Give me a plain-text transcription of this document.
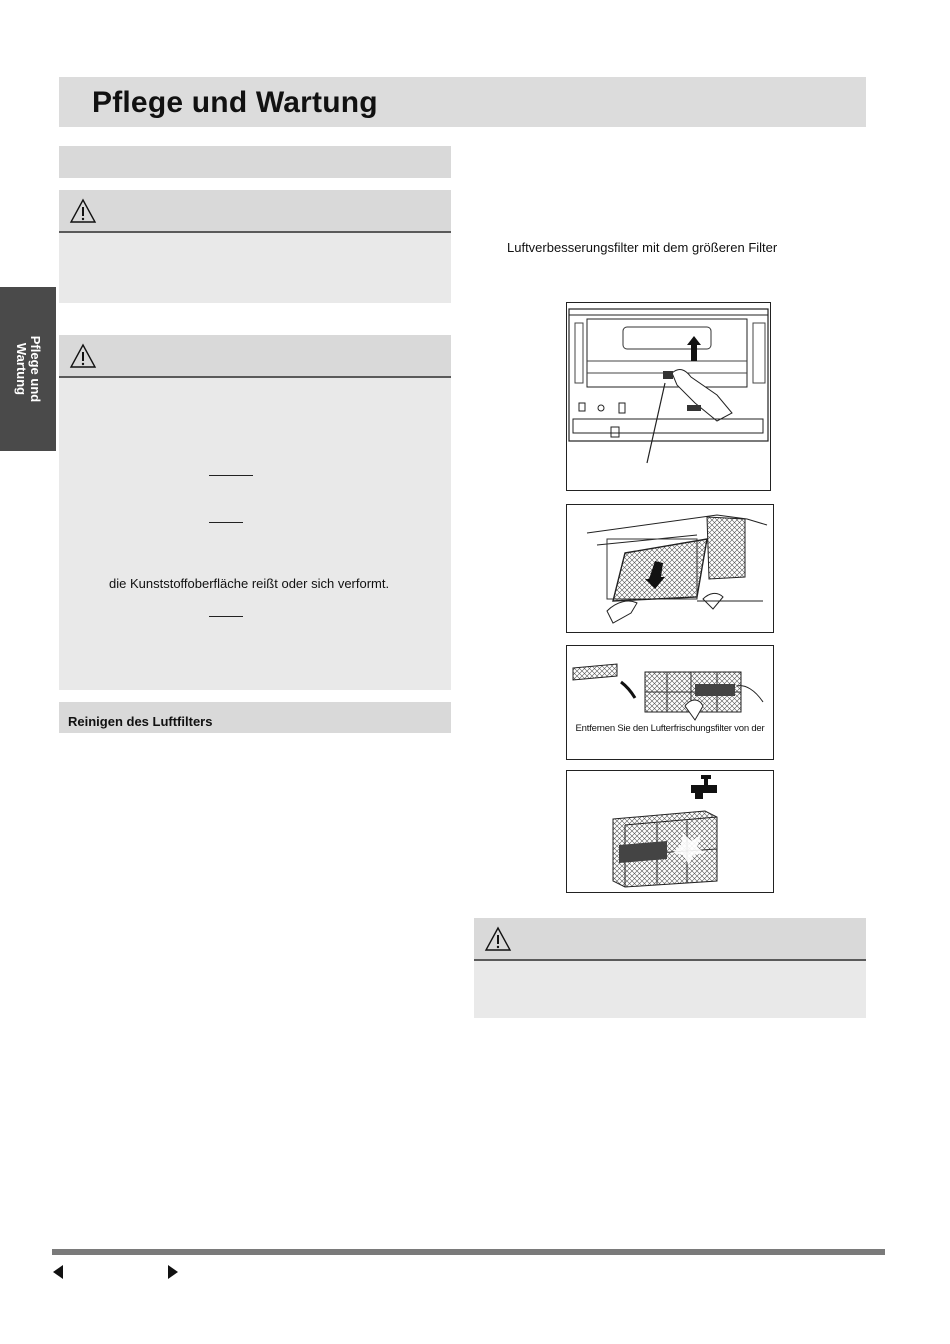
Pflege und Wartung
Pflege und
Wartung
die Kunststoffoberfläche reißt oder sich verformt.
Reinigen des Luftfilters
Luftverbesserungsfilter mit dem größeren Filter
Entfernen Sie den Lufterfrischungsfilter von der
